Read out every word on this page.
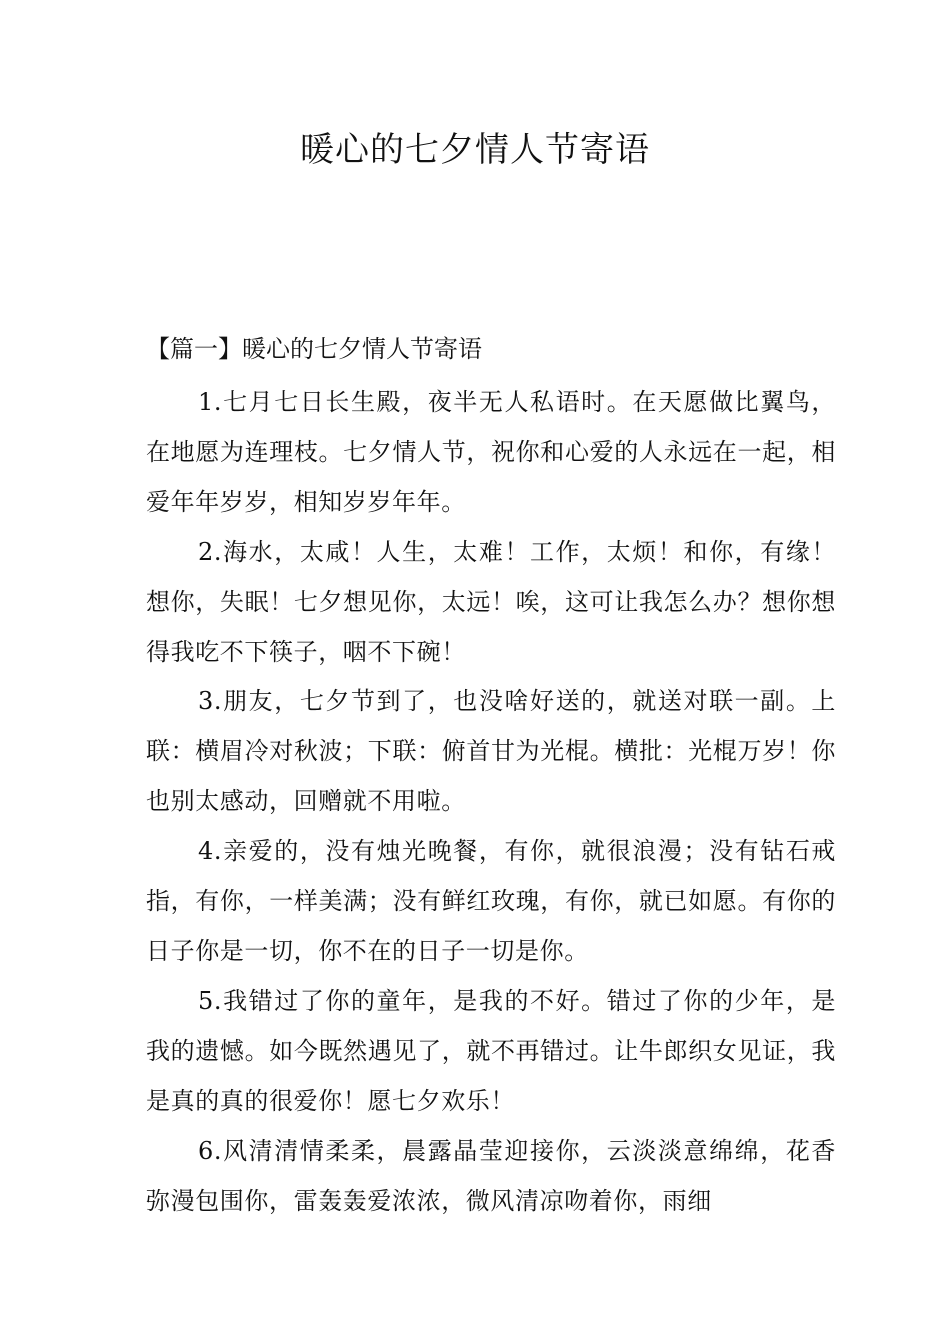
暖心的七夕情人节寄语
【篇一】暖心的七夕情人节寄语

1.七月七日长生殿，夜半无人私语时。在天愿做比翼鸟，在地愿为连理枝。七夕情人节，祝你和心爱的人永远在一起，相爱年年岁岁，相知岁岁年年。

2.海水，太咸！人生，太难！工作，太烦！和你，有缘！想你，失眠！七夕想见你，太远！唉，这可让我怎么办？想你想得我吃不下筷子，咽不下碗！

3.朋友，七夕节到了，也没啥好送的，就送对联一副。上联：横眉冷对秋波；下联：俯首甘为光棍。横批：光棍万岁！你也别太感动，回赠就不用啦。

4.亲爱的，没有烛光晚餐，有你，就很浪漫；没有钻石戒指，有你，一样美满；没有鲜红玫瑰，有你，就已如愿。有你的日子你是一切，你不在的日子一切是你。

5.我错过了你的童年，是我的不好。错过了你的少年，是我的遗憾。如今既然遇见了，就不再错过。让牛郎织女见证，我是真的真的很爱你！愿七夕欢乐！

6.风清清情柔柔，晨露晶莹迎接你，云淡淡意绵绵，花香弥漫包围你，雷轰轰爱浓浓，微风清凉吻着你，雨细
